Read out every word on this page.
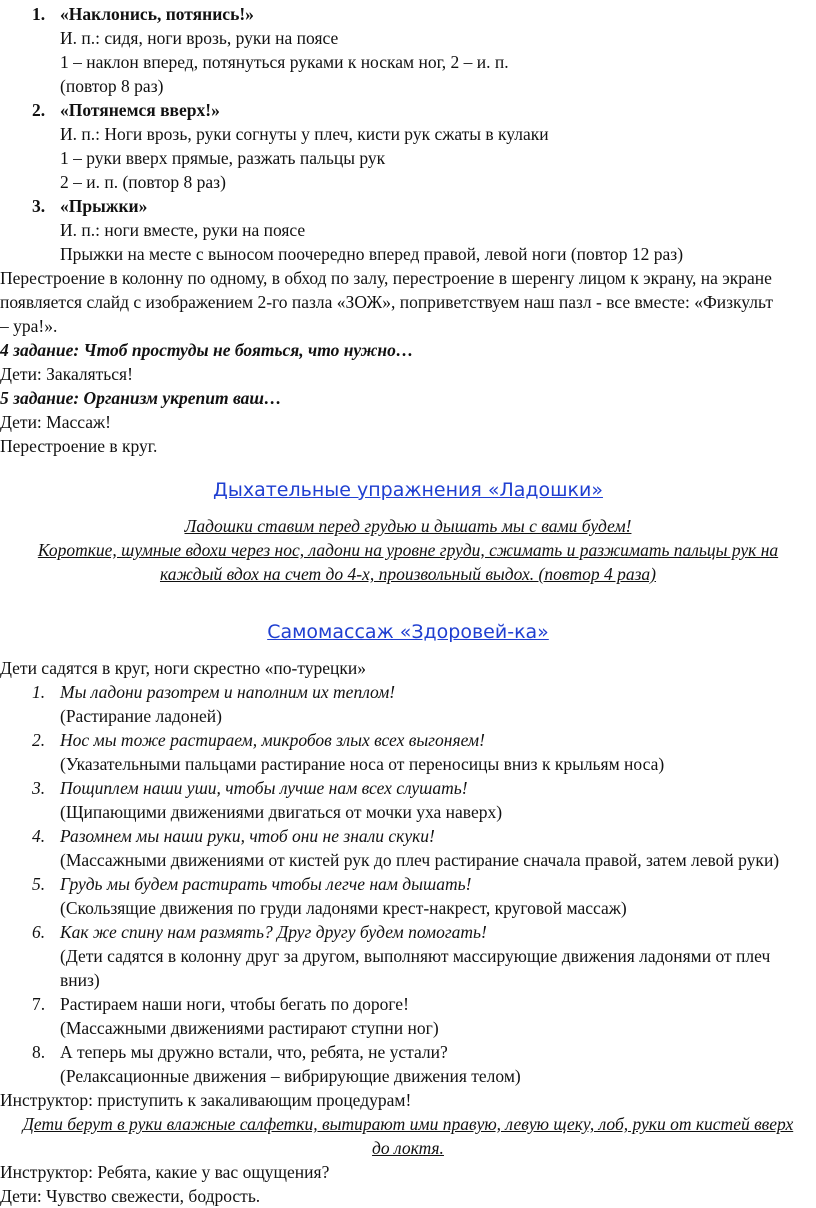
1. «Наклонись, потянись!»
И. п.: сидя, ноги врозь, руки на поясе
1 – наклон вперед, потянуться руками к носкам ног, 2 – и. п.
(повтор 8 раз)
2. «Потянемся вверх!»
И. п.: Ноги врозь, руки согнуты у плеч, кисти рук сжаты в кулаки
1 – руки вверх прямые, разжать пальцы рук
2 – и. п. (повтор 8 раз)
3. «Прыжки»
И. п.: ноги вместе, руки на поясе
Прыжки на месте с выносом поочередно вперед правой, левой ноги (повтор 12 раз)
Перестроение в колонну по одному, в обход по залу, перестроение в шеренгу лицом к экрану, на экране
появляется слайд с изображением 2-го пазла «ЗОЖ», поприветствуем наш пазл - все вместе: «Физкульт
– ура!».
4 задание: Чтоб простуды не бояться, что нужно…
Дети: Закаляться!
5 задание: Организм укрепит ваш…
Дети: Массаж!
Перестроение в круг.
Дыхательные упражнения «Ладошки»
Ладошки ставим перед грудью и дышать мы с вами будем!
Короткие, шумные вдохи через нос, ладони на уровне груди, сжимать и разжимать пальцы рук на
каждый вдох на счет до 4-х, произвольный выдох. (повтор 4 раза)
Самомассаж «Здоровей-ка»
Дети садятся в круг, ноги скрестно «по-турецки»
1. Мы ладони разотрем и наполним их теплом!
(Растирание ладоней)
2. Нос мы тоже растираем, микробов злых всех выгоняем!
(Указательными пальцами растирание носа от переносицы вниз к крыльям носа)
3. Пощиплем наши уши, чтобы лучше нам всех слушать!
(Щипающими движениями двигаться от мочки уха наверх)
4. Разомнем мы наши руки, чтоб они не знали скуки!
(Массажными движениями от кистей рук до плеч растирание сначала правой, затем левой руки)
5. Грудь мы будем растирать чтобы легче нам дышать!
(Скользящие движения по груди ладонями крест-накрест, круговой массаж)
6. Как же спину нам размять? Друг другу будем помогать!
(Дети садятся в колонну друг за другом, выполняют массирующие движения ладонями от плеч
вниз)
7. Растираем наши ноги, чтобы бегать по дороге!
(Массажными движениями растирают ступни ног)
8. А теперь мы дружно встали, что, ребята, не устали?
(Релаксационные движения – вибрирующие движения телом)
Инструктор: приступить к закаливающим процедурам!
Дети берут в руки влажные салфетки, вытирают ими правую, левую щеку, лоб, руки от кистей вверх
до локтя.
Инструктор: Ребята, какие у вас ощущения?
Дети: Чувство свежести, бодрость.
